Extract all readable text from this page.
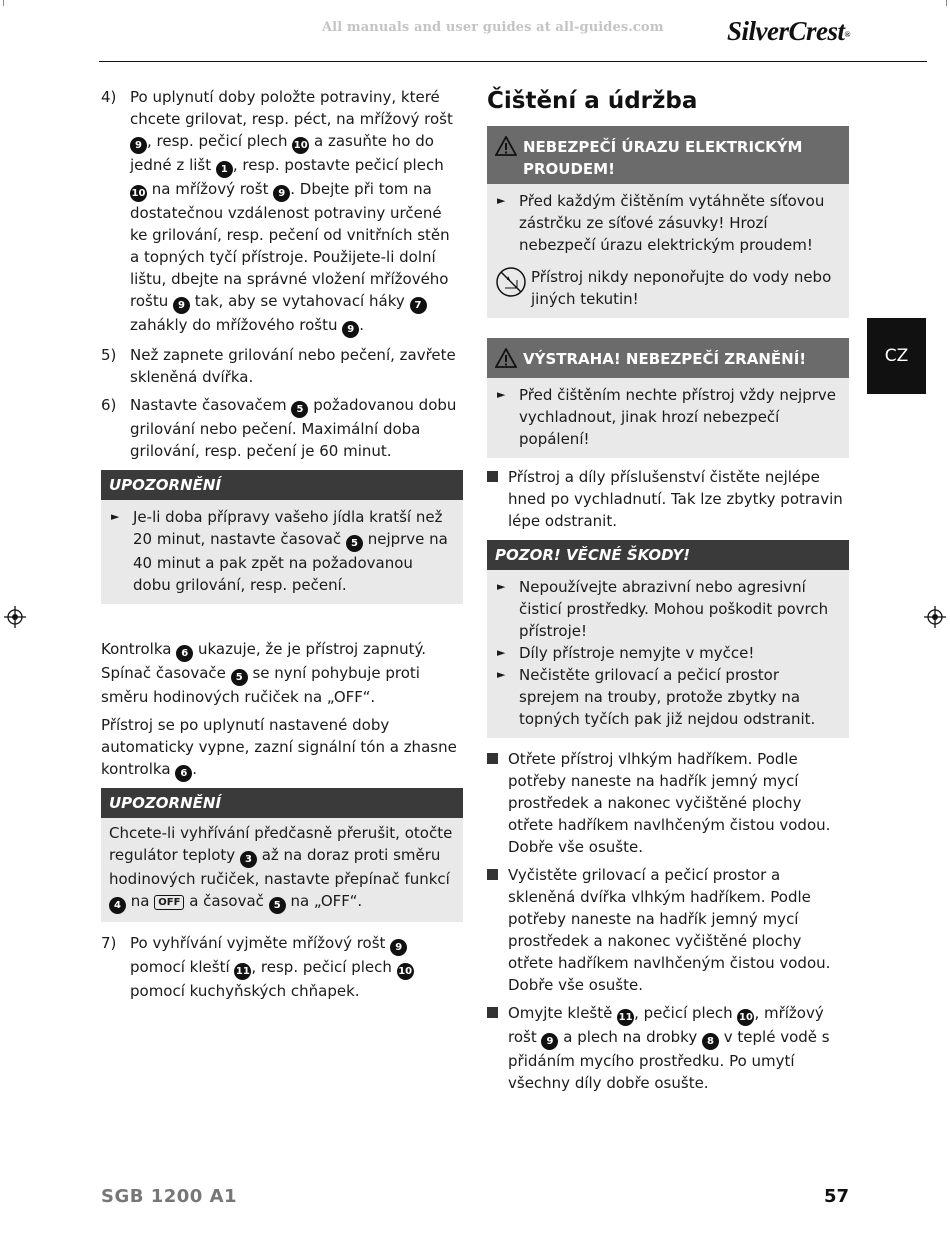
All manuals and user guides at all-guides.com SilverCrest®
4) Po uplynutí doby položte potraviny, které chcete grilovat, resp. péct, na mřížový rošt 9 , resp. pečicí plech 10 a zasuňte ho do jedné z lišt 1 , resp. postavte pečicí plech 10 na mřížový rošt 9 . Dbejte při tom na dostatečnou vzdálenost potraviny určené ke grilování, resp. pečení od vnitřních stěn a topných tyčí přístroje. Použijete-li dolní lištu, dbejte na správné vložení mřížového roštu 9 tak, aby se vytahovací háky 7 zahákly do mřížového roštu 9 .
5) Než zapnete grilování nebo pečení, zavřete skleněná dvířka.
6) Nastavte časovačem 5 požadovanou dobu grilování nebo pečení. Maximální doba grilování, resp. pečení je 60 minut.
UPOZORNĚNÍ
► Je-li doba přípravy vašeho jídla kratší než 20 minut, nastavte časovač 5 nejprve na 40 minut a pak zpět na požadovanou dobu grilování, resp. pečení.

Kontrolka 6 ukazuje, že je přístroj zapnutý. Spínač časovače 5 se nyní pohybuje proti směru hodinových ručiček na „OFF“.

Přístroj se po uplynutí nastavené doby automaticky vypne, zazní signální tón a zhasne kontrolka 6 .

UPOZORNĚNÍ
Chcete-li vyhřívání předčasně přerušit, otočte regulátor teploty 3 až na doraz proti směru hodinových ručiček, nastavte přepínač funkcí 4 na OFF a časovač 5 na „OFF“.
7) Po vyhřívání vyjměte mřížový rošt 9 pomocí kleští 11 , resp. pečicí plech 10 pomocí kuchyňských chňapek.
Čištění a údržba
NEBEZPEČÍ ÚRAZU ELEKTRICKÝM PROUDEM!
► Před každým čištěním vytáhněte síťovou zástrčku ze síťové zásuvky! Hrozí nebezpečí úrazu elektrickým proudem!
Přístroj nikdy neponořujte do vody nebo jiných tekutin!
VÝSTRAHA! NEBEZPEČÍ ZRANĚNÍ!
► Před čištěním nechte přístroj vždy nejprve vychladnout, jinak hrozí nebezpečí popálení!
Přístroj a díly příslušenství čistěte nejlépe hned po vychladnutí. Tak lze zbytky potravin lépe odstranit.
POZOR! VĚCNÉ ŠKODY!
► Nepoužívejte abrazivní nebo agresivní čisticí prostředky. Mohou poškodit povrch přístroje!
► Díly přístroje nemyjte v myčce!
► Nečistěte grilovací a pečicí prostor sprejem na trouby, protože zbytky na topných tyčích pak již nejdou odstranit.
Otřete přístroj vlhkým hadříkem. Podle potřeby naneste na hadřík jemný mycí prostředek a nakonec vyčištěné plochy otřete hadříkem navlhčeným čistou vodou. Dobře vše osušte.
Vyčistěte grilovací a pečicí prostor a skleněná dvířka vlhkým hadříkem. Podle potřeby naneste na hadřík jemný mycí prostředek a nakonec vyčištěné plochy otřete hadříkem navlhčeným čistou vodou. Dobře vše osušte.
Omyjte kleště 11 , pečicí plech 10 , mřížový rošt 9 a plech na drobky 8 v teplé vodě s přidáním mycího prostředku. Po umytí všechny díly dobře osušte.
CZ
SGB 1200 A1	57
